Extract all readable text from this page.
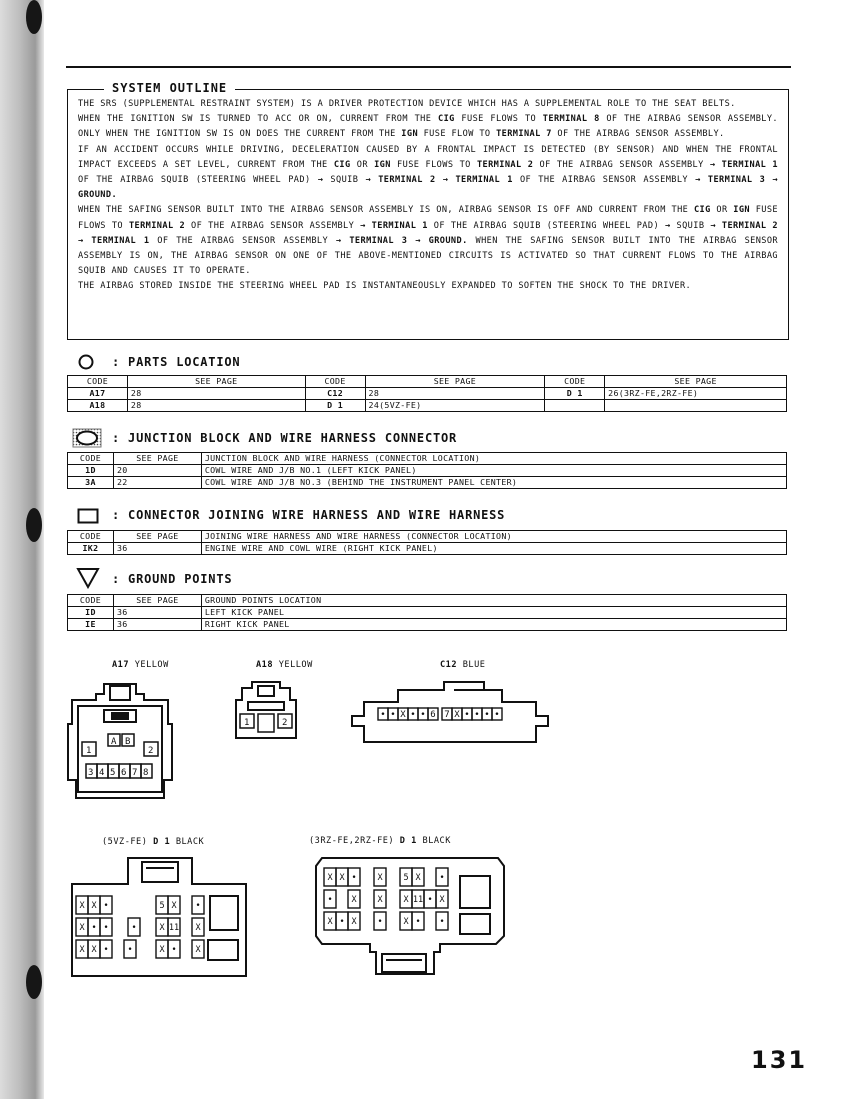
SYSTEM OUTLINE

THE SRS (SUPPLEMENTAL RESTRAINT SYSTEM) IS A DRIVER PROTECTION DEVICE WHICH HAS A SUPPLEMENTAL ROLE TO THE SEAT BELTS.

WHEN THE IGNITION SW IS TURNED TO ACC OR ON, CURRENT FROM THE CIG FUSE FLOWS TO TERMINAL 8 OF THE AIRBAG SENSOR ASSEMBLY. ONLY WHEN THE IGNITION SW IS ON DOES THE CURRENT FROM THE IGN FUSE FLOW TO TERMINAL 7 OF THE AIRBAG SENSOR ASSEMBLY.

IF AN ACCIDENT OCCURS WHILE DRIVING, DECELERATION CAUSED BY A FRONTAL IMPACT IS DETECTED (BY SENSOR) AND WHEN THE FRONTAL IMPACT EXCEEDS A SET LEVEL, CURRENT FROM THE CIG OR IGN FUSE FLOWS TO TERMINAL 2 OF THE AIRBAG SENSOR ASSEMBLY → TERMINAL 1 OF THE AIRBAG SQUIB (STEERING WHEEL PAD) → SQUIB → TERMINAL 2 → TERMINAL 1 OF THE AIRBAG SENSOR ASSEMBLY → TERMINAL 3 → GROUND.

WHEN THE SAFING SENSOR BUILT INTO THE AIRBAG SENSOR ASSEMBLY IS ON, AIRBAG SENSOR IS OFF AND CURRENT FROM THE CIG OR IGN FUSE FLOWS TO TERMINAL 2 OF THE AIRBAG SENSOR ASSEMBLY → TERMINAL 1 OF THE AIRBAG SQUIB (STEERING WHEEL PAD) → SQUIB → TERMINAL 2 → TERMINAL 1 OF THE AIRBAG SENSOR ASSEMBLY → TERMINAL 3 → GROUND. WHEN THE SAFING SENSOR BUILT INTO THE AIRBAG SENSOR ASSEMBLY IS ON, THE AIRBAG SENSOR ON ONE OF THE ABOVE-MENTIONED CIRCUITS IS ACTIVATED SO THAT CURRENT FLOWS TO THE AIRBAG SQUIB AND CAUSES IT TO OPERATE.

THE AIRBAG STORED INSIDE THE STEERING WHEEL PAD IS INSTANTANEOUSLY EXPANDED TO SOFTEN THE SHOCK TO THE DRIVER.

: PARTS LOCATION
CODE	SEE PAGE	CODE	SEE PAGE	CODE	SEE PAGE
A17	28	C12	28	D 1	26(3RZ-FE,2RZ-FE)
A18	28	D 1	24(5VZ-FE)		
: JUNCTION BLOCK AND WIRE HARNESS CONNECTOR
CODE	SEE PAGE	JUNCTION BLOCK AND WIRE HARNESS (CONNECTOR LOCATION)
1D	20	COWL WIRE AND J/B NO.1 (LEFT KICK PANEL)
3A	22	COWL WIRE AND J/B NO.3 (BEHIND THE INSTRUMENT PANEL CENTER)
: CONNECTOR JOINING WIRE HARNESS AND WIRE HARNESS
CODE	SEE PAGE	JOINING WIRE HARNESS AND WIRE HARNESS (CONNECTOR LOCATION)
IK2	36	ENGINE WIRE AND COWL WIRE (RIGHT KICK PANEL)
: GROUND POINTS
CODE	SEE PAGE	GROUND POINTS LOCATION
ID	36	LEFT KICK PANEL
IE	36	RIGHT KICK PANEL
A17 YELLOW	A18 YELLOW	C12 BLUE
(5VZ-FE) D 1 BLACK	(3RZ-FE,2RZ-FE) D 1 BLACK
A B
1	2
3 4 5 6 7 8
1	2
• • X • • 6 7 X • • • •
X X •	5 X •
X •	X 11
•	X
•
X X •	X
X •
•
X X • X 5 X •
• X	X 11 • X
X
X • X • X • •
131
